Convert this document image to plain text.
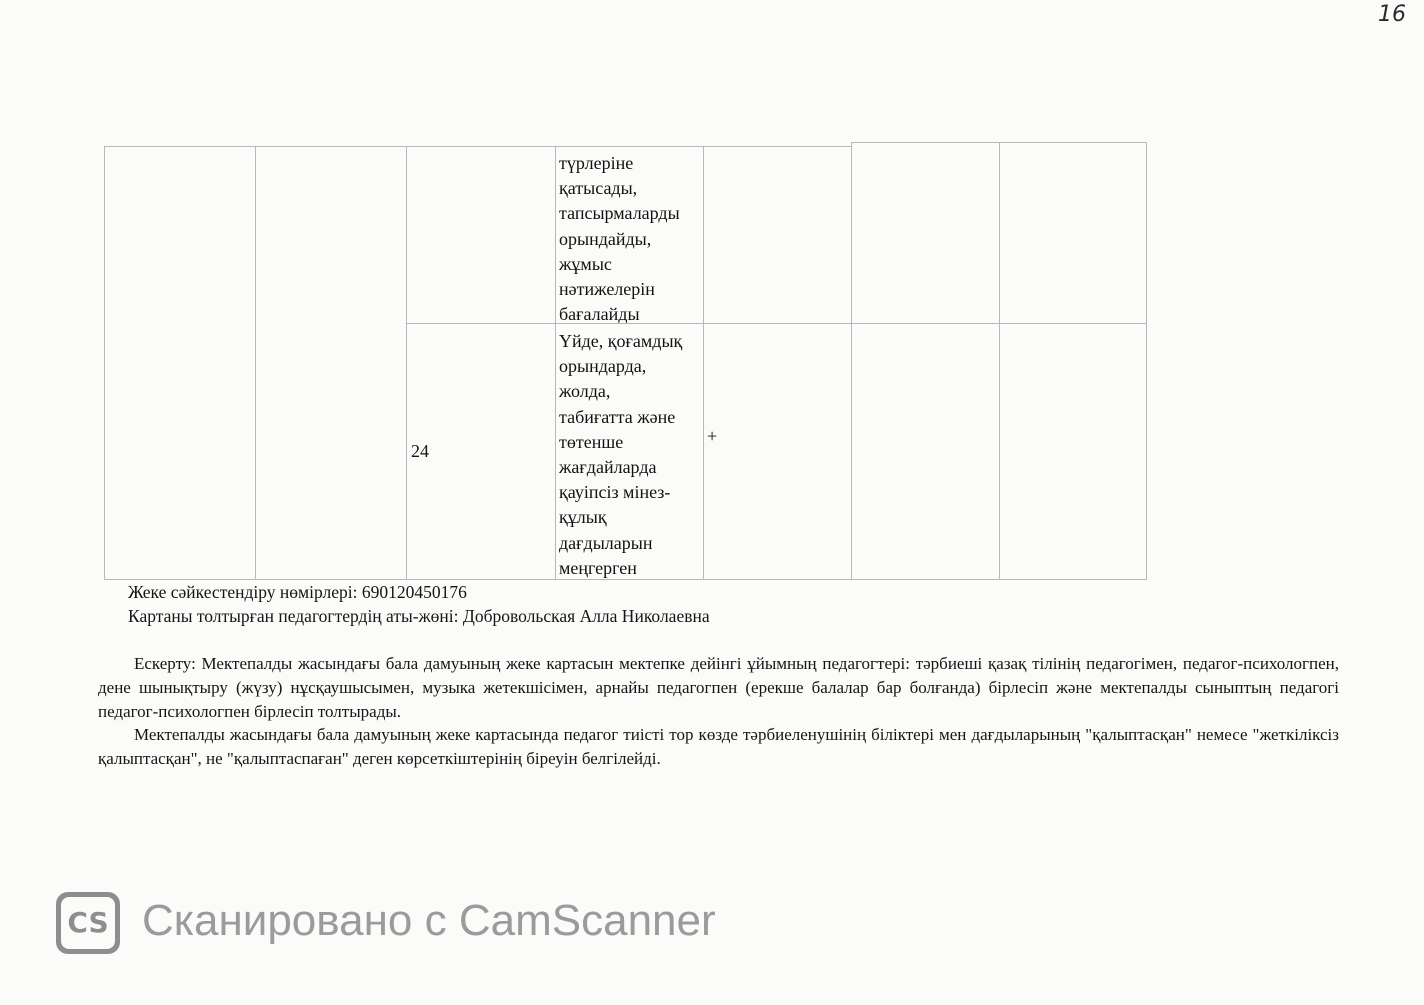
16
түрлеріне
қатысады,
тапсырмаларды
орындайды,
жұмыс
нәтижелерін
бағалайды
24
Үйде, қоғамдық
орындарда,
жолда,
табиғатта және
төтенше
жағдайларда
қауіпсіз мінез-
құлық
дағдыларын
меңгерген
+
Жеке сәйкестендіру нөмірлері: 690120450176
Картаны толтырған педагогтердің аты-жөні: Добровольская Алла Николаевна

Ескерту: Мектепалды жасындағы бала дамуының жеке картасын мектепке дейінгі ұйымның педагогтері: тәрбиеші қазақ тілінің педагогімен, педагог-психологпен, дене шынықтыру (жүзу) нұсқаушысымен, музыка жетекшісімен, арнайы педагогпен (ерекше балалар бар болғанда) бірлесіп және мектепалды сыныптың педагогі педагог-психологпен бірлесіп толтырады.

Мектепалды жасындағы бала дамуының жеке картасында педагог тиісті тор көзде тәрбиеленушінің біліктері мен дағдыларының "қалыптасқан" немесе "жеткіліксіз қалыптасқан", не "қалыптаспаған" деген көрсеткіштерінің біреуін белгілейді.

CS Сканировано с CamScanner
